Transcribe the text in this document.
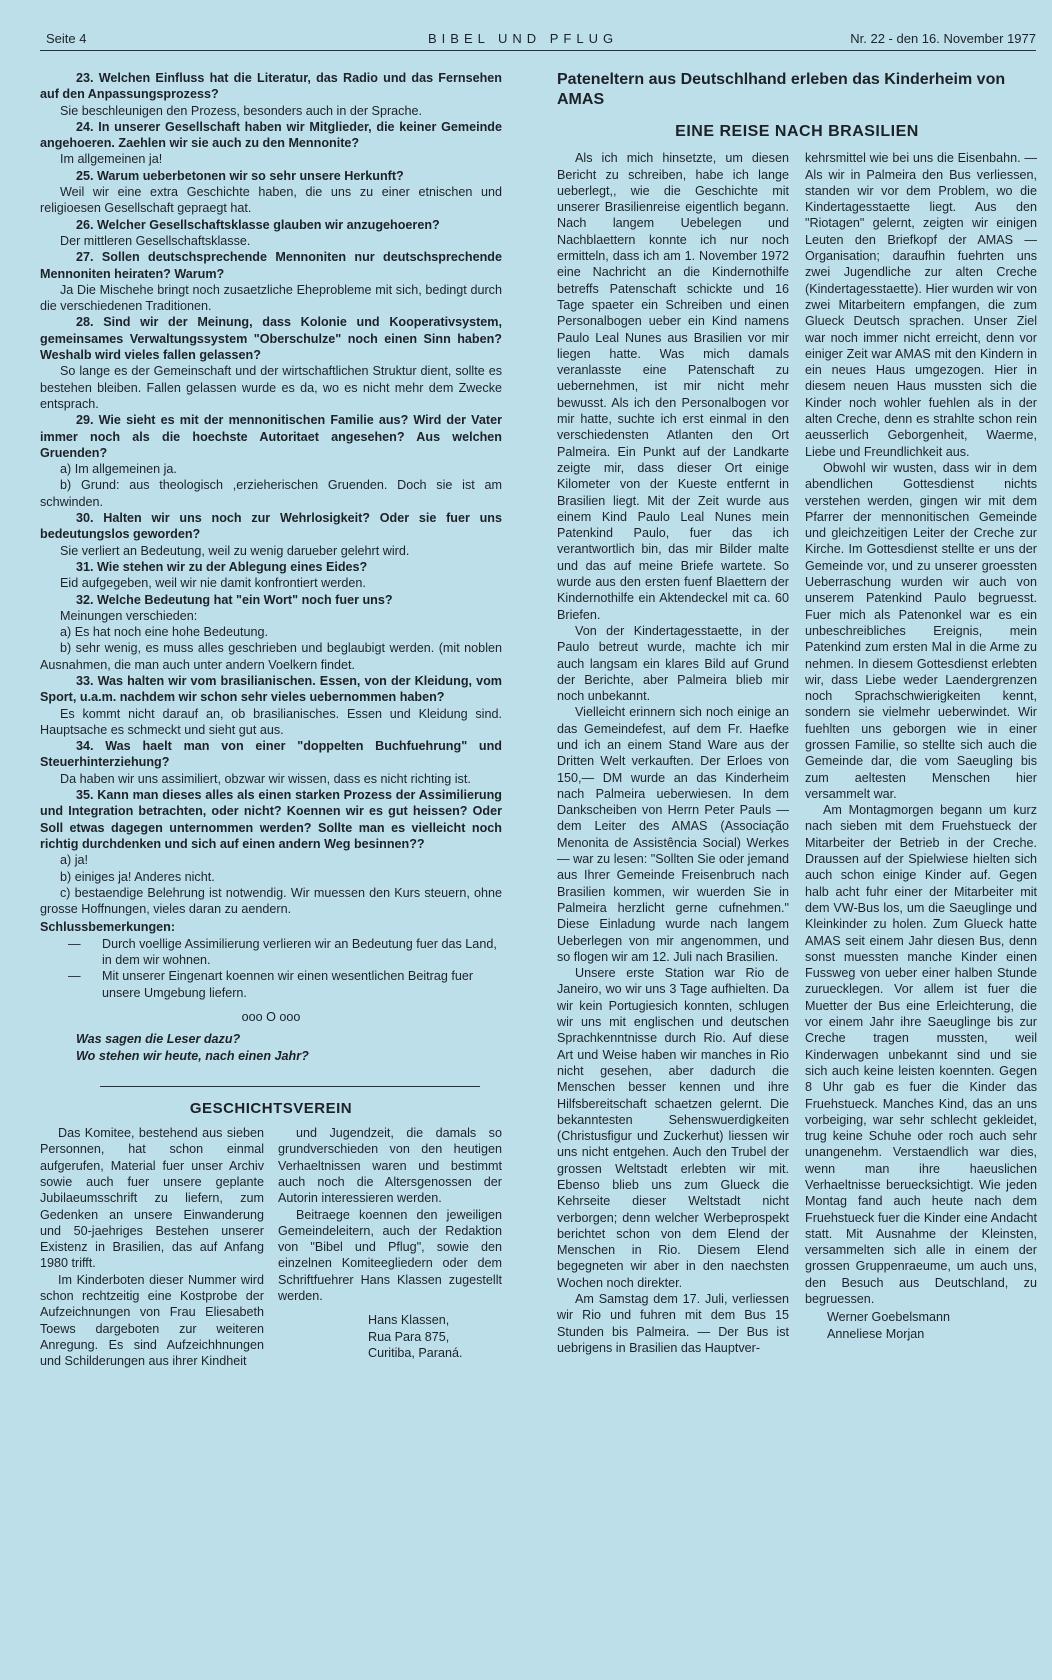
Seite 4	BIBEL UND PFLUG	Nr. 22 - den 16. November 1977

23. Welchen Einfluss hat die Literatur, das Radio und das Fernsehen auf den Anpassungsprozess?

Sie beschleunigen den Prozess, besonders auch in der Sprache.

24. In unserer Gesellschaft haben wir Mitglieder, die keiner Gemeinde angehoeren. Zaehlen wir sie auch zu den Mennonite?

Im allgemeinen ja!

25. Warum ueberbetonen wir so sehr unsere Herkunft?

Weil wir eine extra Geschichte haben, die uns zu einer etnischen und religioesen Gesellschaft gepraegt hat.

26. Welcher Gesellschaftsklasse glauben wir anzugehoeren?

Der mittleren Gesellschaftsklasse.

27. Sollen deutschsprechende Mennoniten nur deutschsprechende Mennoniten heiraten? Warum?

Ja Die Mischehe bringt noch zusaetzliche Eheprobleme mit sich, bedingt durch die verschiedenen Traditionen.

28. Sind wir der Meinung, dass Kolonie und Kooperativsystem, gemeinsames Verwaltungssystem "Oberschulze" noch einen Sinn haben? Weshalb wird vieles fallen gelassen?

So lange es der Gemeinschaft und der wirtschaftlichen Struktur dient, sollte es bestehen bleiben. Fallen gelassen wurde es da, wo es nicht mehr dem Zwecke entsprach.

29. Wie sieht es mit der mennonitischen Familie aus? Wird der Vater immer noch als die hoechste Autoritaet angesehen? Aus welchen Gruenden?

a) Im allgemeinen ja.

b) Grund: aus theologisch ,erzieherischen Gruenden. Doch sie ist am schwinden.

30. Halten wir uns noch zur Wehrlosigkeit? Oder sie fuer uns bedeutungslos geworden?

Sie verliert an Bedeutung, weil zu wenig darueber gelehrt wird.

31. Wie stehen wir zu der Ablegung eines Eides?

Eid aufgegeben, weil wir nie damit konfrontiert werden.

32. Welche Bedeutung hat "ein Wort" noch fuer uns?

Meinungen verschieden:

a) Es hat noch eine hohe Bedeutung.

b) sehr wenig, es muss alles geschrieben und beglaubigt werden. (mit noblen Ausnahmen, die man auch unter andern Voelkern findet.

33. Was halten wir vom brasilianischen. Essen, von der Kleidung, vom Sport, u.a.m. nachdem wir schon sehr vieles uebernommen haben?

Es kommt nicht darauf an, ob brasilianisches. Essen und Kleidung sind. Hauptsache es schmeckt und sieht gut aus.

34. Was haelt man von einer "doppelten Buchfuehrung" und Steuerhinterziehung?

Da haben wir uns assimiliert, obzwar wir wissen, dass es nicht richting ist.

35. Kann man dieses alles als einen starken Prozess der Assimilierung und Integration betrachten, oder nicht? Koennen wir es gut heissen? Oder Soll etwas dagegen unternommen werden? Sollte man es vielleicht noch richtig durchdenken und sich auf einen andern Weg besinnen??

a) ja!

b) einiges ja! Anderes nicht.

c) bestaendige Belehrung ist notwendig. Wir muessen den Kurs steuern, ohne grosse Hoffnungen, vieles daran zu aendern.

Schlussbemerkungen:
—	Durch voellige Assimilierung verlieren wir an Bedeutung fuer das Land, in dem wir wohnen.
—	Mit unserer Eingenart koennen wir einen wesentlichen Beitrag fuer unsere Umgebung liefern.
ooo O ooo
Was sagen die Leser dazu?
Wo stehen wir heute, nach einen Jahr?
GESCHICHTSVEREIN

Das Komitee, bestehend aus sieben Personnen, hat schon einmal aufgerufen, Material fuer unser Archiv sowie auch fuer unsere geplante Jubilaeumsschrift zu liefern, zum Gedenken an unsere Einwanderung und 50-jaehriges Bestehen unserer Existenz in Brasilien, das auf Anfang 1980 trifft.

Im Kinderboten dieser Nummer wird schon rechtzeitig eine Kostprobe der Aufzeichnungen von Frau Eliesabeth Toews dargeboten zur weiteren Anregung. Es sind Aufzeichhnungen und Schilderungen aus ihrer Kindheit

und Jugendzeit, die damals so grundverschieden von den heutigen Verhaeltnissen waren und bestimmt auch noch die Altersgenossen der Autorin interessieren werden.

Beitraege koennen den jeweiligen Gemeindeleitern, auch der Redaktion von "Bibel und Pflug", sowie den einzelnen Komiteegliedern oder dem Schriftfuehrer Hans Klassen zugestellt werden.

Hans Klassen,
Rua Para 875,
Curitiba, Paraná.
Pateneltern aus Deutschlhand erleben das Kinderheim von AMAS
EINE REISE NACH BRASILIEN

Als ich mich hinsetzte, um diesen Bericht zu schreiben, habe ich lange ueberlegt,, wie die Geschichte mit unserer Brasilienreise eigentlich begann. Nach langem Uebelegen und Nachblaettern konnte ich nur noch ermitteln, dass ich am 1. November 1972 eine Nachricht an die Kindernothilfe betreffs Patenschaft schickte und 16 Tage spaeter ein Schreiben und einen Personalbogen ueber ein Kind namens Paulo Leal Nunes aus Brasilien vor mir liegen hatte. Was mich damals veranlasste eine Patenschaft zu uebernehmen, ist mir nicht mehr bewusst. Als ich den Personalbogen vor mir hatte, suchte ich erst einmal in den verschiedensten Atlanten den Ort Palmeira. Ein Punkt auf der Landkarte zeigte mir, dass dieser Ort einige Kilometer von der Kueste entfernt in Brasilien liegt. Mit der Zeit wurde aus einem Kind Paulo Leal Nunes mein Patenkind Paulo, fuer das ich verantwortlich bin, das mir Bilder malte und das auf meine Briefe wartete. So wurde aus den ersten fuenf Blaettern der Kindernothilfe ein Aktendeckel mit ca. 60 Briefen.

Von der Kindertagesstaette, in der Paulo betreut wurde, machte ich mir auch langsam ein klares Bild auf Grund der Berichte, aber Palmeira blieb mir noch unbekannt.

Vielleicht erinnern sich noch einige an das Gemeindefest, auf dem Fr. Haefke und ich an einem Stand Ware aus der Dritten Welt verkauften. Der Erloes von 150,— DM wurde an das Kinderheim nach Palmeira ueberwiesen. In dem Dankscheiben von Herrn Peter Pauls — dem Leiter des AMAS (Associação Menonita de Assistência Social) Werkes — war zu lesen: "Sollten Sie oder jemand aus Ihrer Gemeinde Freisenbruch nach Brasilien kommen, wir wuerden Sie in Palmeira herzlicht gerne cufnehmen." Diese Einladung wurde nach langem Ueberlegen von mir angenommen, und so flogen wir am 12. Juli nach Brasilien.

Unsere erste Station war Rio de Janeiro, wo wir uns 3 Tage aufhielten. Da wir kein Portugiesich konnten, schlugen wir uns mit englischen und deutschen Sprachkenntnisse durch Rio. Auf diese Art und Weise haben wir manches in Rio nicht gesehen, aber dadurch die Menschen besser kennen und ihre Hilfsbereitschaft schaetzen gelernt. Die bekanntesten Sehenswuerdigkeiten (Christusfigur und Zuckerhut) liessen wir uns nicht entgehen. Auch den Trubel der grossen Weltstadt erlebten wir mit. Ebenso blieb uns zum Glueck die Kehrseite dieser Weltstadt nicht verborgen; denn welcher Werbeprospekt berichtet schon von dem Elend der Menschen in Rio. Diesem Elend begegneten wir aber in den naechsten Wochen noch direkter.

Am Samstag dem 17. Juli, verliessen wir Rio und fuhren mit dem Bus 15 Stunden bis Palmeira. — Der Bus ist uebrigens in Brasilien das Hauptver-

kehrsmittel wie bei uns die Eisenbahn. — Als wir in Palmeira den Bus verliessen, standen wir vor dem Problem, wo die Kindertagesstaette liegt. Aus den "Riotagen" gelernt, zeigten wir einigen Leuten den Briefkopf der AMAS — Organisation; daraufhin fuehrten uns zwei Jugendliche zur alten Creche (Kindertagesstaette). Hier wurden wir von zwei Mitarbeitern empfangen, die zum Glueck Deutsch sprachen. Unser Ziel war noch immer nicht erreicht, denn vor einiger Zeit war AMAS mit den Kindern in ein neues Haus umgezogen. Hier in diesem neuen Haus mussten sich die Kinder noch wohler fuehlen als in der alten Creche, denn es strahlte schon rein aeusserlich Geborgenheit, Waerme, Liebe und Freundlichkeit aus.

Obwohl wir wusten, dass wir in dem abendlichen Gottesdienst nichts verstehen werden, gingen wir mit dem Pfarrer der mennonitischen Gemeinde und gleichzeitigen Leiter der Creche zur Kirche. Im Gottesdienst stellte er uns der Gemeinde vor, und zu unserer groessten Ueberraschung wurden wir auch von unserem Patenkind Paulo begruesst. Fuer mich als Patenonkel war es ein unbeschreibliches Ereignis, mein Patenkind zum ersten Mal in die Arme zu nehmen. In diesem Gottesdienst erlebten wir, dass Liebe weder Laendergrenzen noch Sprachschwierigkeiten kennt, sondern sie vielmehr ueberwindet. Wir fuehlten uns geborgen wie in einer grossen Familie, so stellte sich auch die Gemeinde dar, die vom Saeugling bis zum aeltesten Menschen hier versammelt war.

Am Montagmorgen begann um kurz nach sieben mit dem Fruehstueck der Mitarbeiter der Betrieb in der Creche. Draussen auf der Spielwiese hielten sich auch schon einige Kinder auf. Gegen halb acht fuhr einer der Mitarbeiter mit dem VW-Bus los, um die Saeuglinge und Kleinkinder zu holen. Zum Glueck hatte AMAS seit einem Jahr diesen Bus, denn sonst muessten manche Kinder einen Fussweg von ueber einer halben Stunde zuruecklegen. Vor allem ist fuer die Muetter der Bus eine Erleichterung, die vor einem Jahr ihre Saeuglinge bis zur Creche tragen mussten, weil Kinderwagen unbekannt sind und sie sich auch keine leisten koennten. Gegen 8 Uhr gab es fuer die Kinder das Fruehstueck. Manches Kind, das an uns vorbeiging, war sehr schlecht gekleidet, trug keine Schuhe oder roch auch sehr unangenehm. Verstaendlich war dies, wenn man ihre haeuslichen Verhaeltnisse beruecksichtigt. Wie jeden Montag fand auch heute nach dem Fruehstueck fuer die Kinder eine Andacht statt. Mit Ausnahme der Kleinsten, versammelten sich alle in einem der grossen Gruppenraeume, um auch uns, den Besuch aus Deutschland, zu begruessen.

Werner Goebelsmann
Anneliese Morjan
